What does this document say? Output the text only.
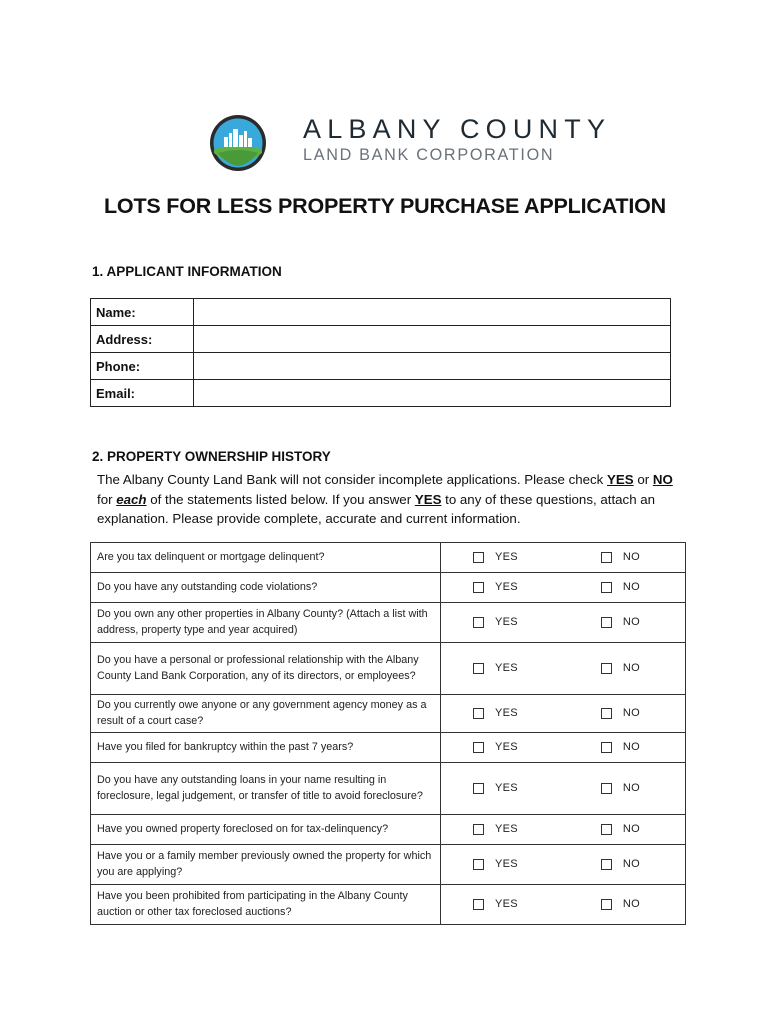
ALBANY COUNTY
LAND BANK CORPORATION
LOTS FOR LESS PROPERTY PURCHASE APPLICATION
1. APPLICANT INFORMATION
Name:	
Address:	
Phone:	
Email:	
2. PROPERTY OWNERSHIP HISTORY
The Albany County Land Bank will not consider incomplete applications. Please check YES or NO for each of the statements listed below. If you answer YES to any of these questions, attach an explanation. Please provide complete, accurate and current information.
Are you tax delinquent or mortgage delinquent?	YES	NO

Do you have any outstanding code violations?	YES	NO

Do you own any other properties in Albany County? (Attach a list with address, property type and year acquired)	YES	NO

Do you have a personal or professional relationship with the Albany County Land Bank Corporation, any of its directors, or employees?	YES	NO

Do you currently owe anyone or any government agency money as a result of a court case?	YES	NO

Have you filed for bankruptcy within the past 7 years?	YES	NO

Do you have any outstanding loans in your name resulting in foreclosure, legal judgement, or transfer of title to avoid foreclosure?	YES	NO

Have you owned property foreclosed on for tax-delinquency?	YES	NO

Have you or a family member previously owned the property for which you are applying?	YES	NO

Have you been prohibited from participating in the Albany County auction or other tax foreclosed auctions?	YES	NO
